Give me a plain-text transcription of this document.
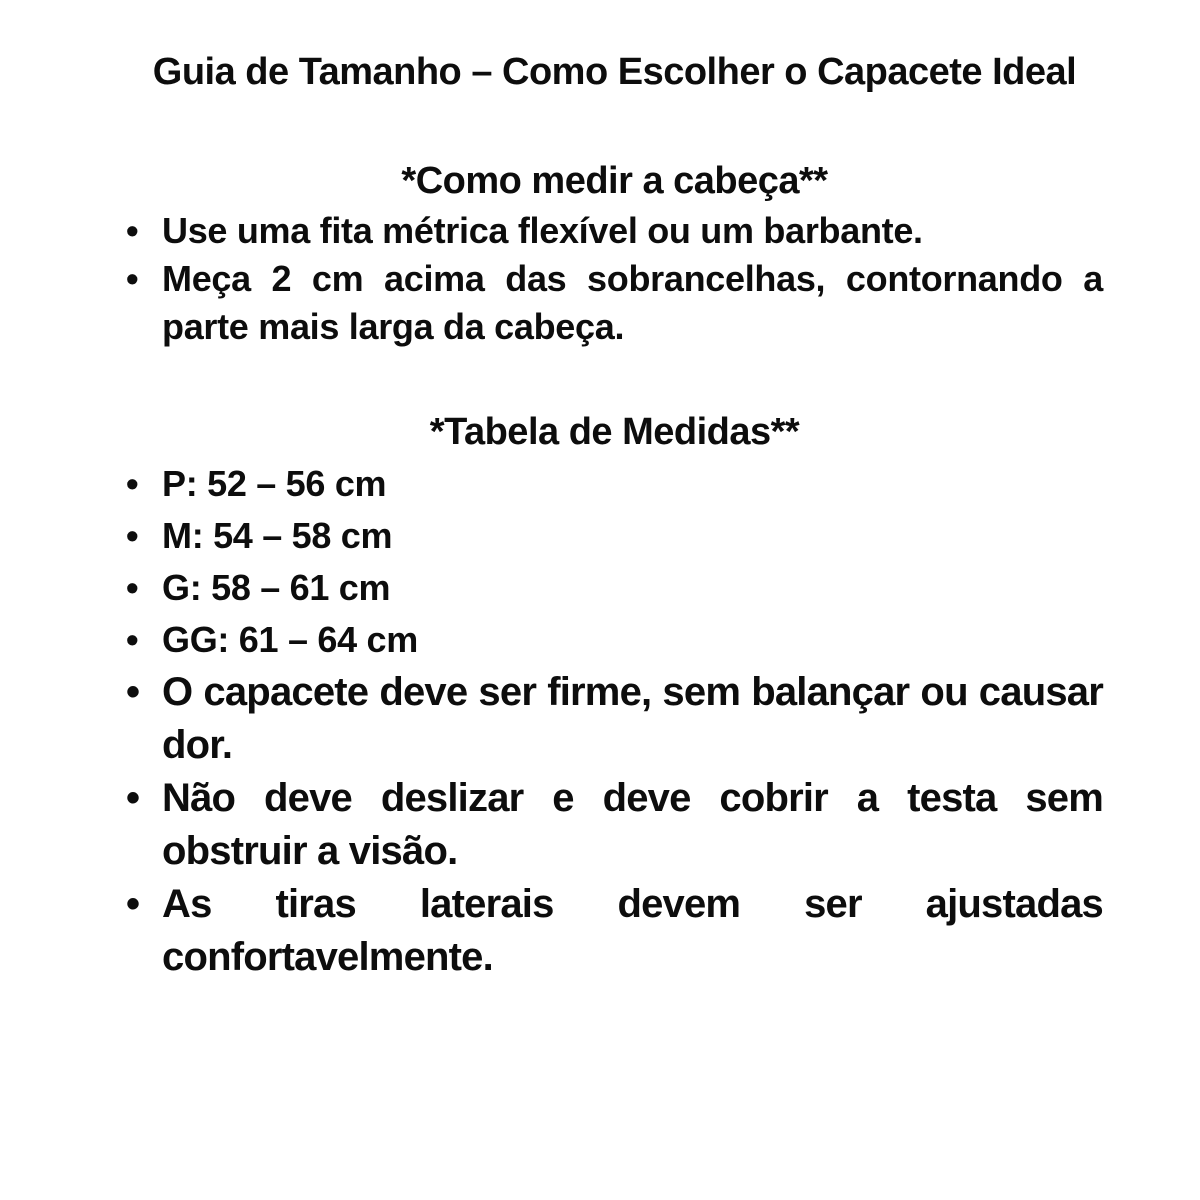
Guia de Tamanho – Como Escolher o Capacete Ideal
*Como medir a cabeça**
• Use uma fita métrica flexível ou um barbante.
• Meça 2 cm acima das sobrancelhas, contornando a parte mais larga da cabeça.
*Tabela de Medidas**
• P: 52 – 56 cm
• M: 54 – 58 cm
• G: 58 – 61 cm
• GG: 61 – 64 cm
• O capacete deve ser firme, sem balançar ou causar dor.
• Não deve deslizar e deve cobrir a testa sem obstruir a visão.
• As tiras laterais devem ser ajustadas confortavelmente.
